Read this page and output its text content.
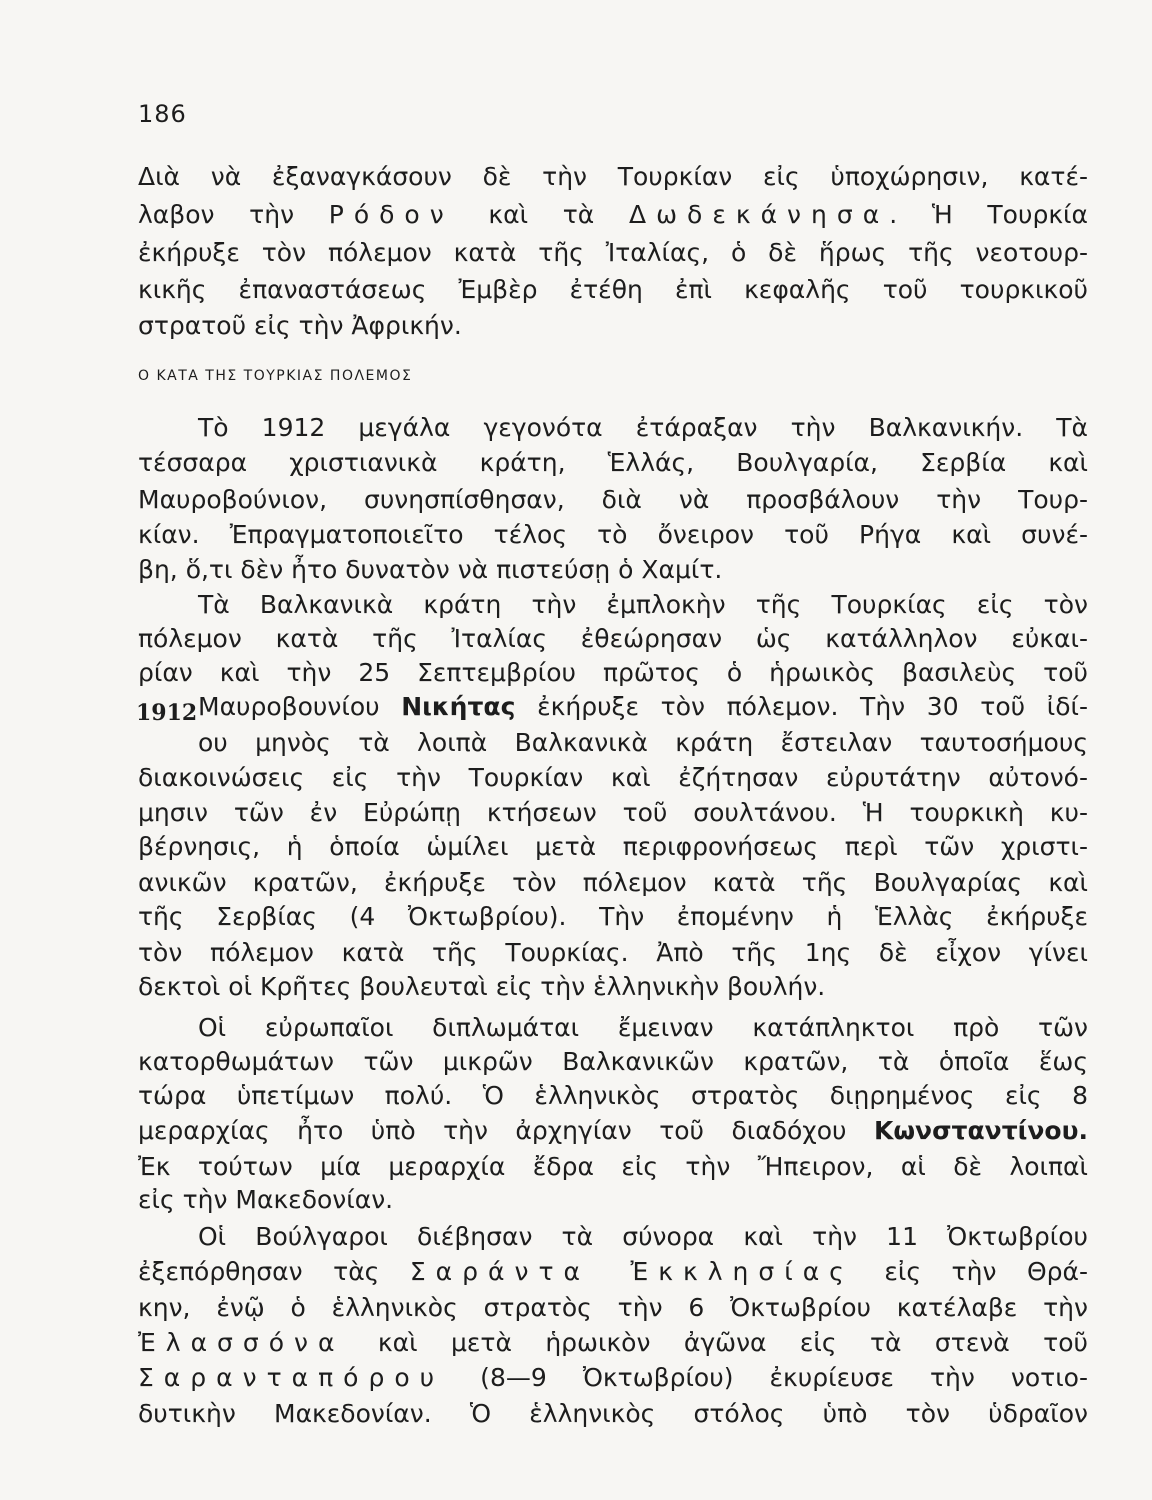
186
Διὰ νὰ ἐξαναγκάσουν δὲ τὴν Τουρκίαν εἰς ὑποχώρησιν, κατέ-
λαβον τὴν Ρόδον καὶ τὰ Δωδεκάνησα. Ἡ Τουρκία
ἐκήρυξε τὸν πόλεμον κατὰ τῆς Ἰταλίας, ὁ δὲ ἥρως τῆς νεοτουρ-
κικῆς ἐπαναστάσεως Ἐμβὲρ ἐτέθη ἐπὶ κεφαλῆς τοῦ τουρκικοῦ
στρατοῦ εἰς τὴν Ἀφρικήν.
Ο ΚΑΤΑ ΤΗΣ ΤΟΥΡΚΙΑΣ ΠΟΛΕΜΟΣ
Τὸ 1912 μεγάλα γεγονότα ἐτάραξαν τὴν Βαλκανικήν. Τὰ
τέσσαρα χριστιανικὰ κράτη, Ἑλλάς, Βουλγαρία, Σερβία καὶ
Μαυροβούνιον, συνησπίσθησαν, διὰ νὰ προσβάλουν τὴν Τουρ-
κίαν. Ἐπραγματοποιεῖτο τέλος τὸ ὄνειρον τοῦ Ρήγα καὶ συνέ-
βη, ὅ,τι δὲν ἦτο δυνατὸν νὰ πιστεύσῃ ὁ Χαμίτ.
Τὰ Βαλκανικὰ κράτη τὴν ἐμπλοκὴν τῆς Τουρκίας εἰς τὸν
πόλεμον κατὰ τῆς Ἰταλίας ἐθεώρησαν ὡς κατάλληλον εὐκαι-
ρίαν καὶ τὴν 25 Σεπτεμβρίου πρῶτος ὁ ἡρωικὸς βασιλεὺς τοῦ
1912 Μαυροβουνίου Νικήτας ἐκήρυξε τὸν πόλεμον. Τὴν 30 τοῦ ἰδί-
ου μηνὸς τὰ λοιπὰ Βαλκανικὰ κράτη ἔστειλαν ταυτοσήμους
διακοινώσεις εἰς τὴν Τουρκίαν καὶ ἐζήτησαν εὐρυτάτην αὐτονό-
μησιν τῶν ἐν Εὐρώπῃ κτήσεων τοῦ σουλτάνου. Ἡ τουρκικὴ κυ-
βέρνησις, ἡ ὁποία ὡμίλει μετὰ περιφρονήσεως περὶ τῶν χριστι-
ανικῶν κρατῶν, ἐκήρυξε τὸν πόλεμον κατὰ τῆς Βουλγαρίας καὶ
τῆς Σερβίας (4 Ὀκτωβρίου). Τὴν ἐπομένην ἡ Ἑλλὰς ἐκήρυξε
τὸν πόλεμον κατὰ τῆς Τουρκίας. Ἀπὸ τῆς 1ης δὲ εἶχον γίνει
δεκτοὶ οἱ Κρῆτες βουλευταὶ εἰς τὴν ἑλληνικὴν βουλήν.
Οἱ εὐρωπαῖοι διπλωμάται ἔμειναν κατάπληκτοι πρὸ τῶν
κατορθωμάτων τῶν μικρῶν Βαλκανικῶν κρατῶν, τὰ ὁποῖα ἕως
τώρα ὑπετίμων πολύ. Ὁ ἑλληνικὸς στρατὸς διῃρημένος εἰς 8
μεραρχίας ἦτο ὑπὸ τὴν ἀρχηγίαν τοῦ διαδόχου Κωνσταντίνου.
Ἐκ τούτων μία μεραρχία ἔδρα εἰς τὴν Ἤπειρον, αἱ δὲ λοιπαὶ
εἰς τὴν Μακεδονίαν.
Οἱ Βούλγαροι διέβησαν τὰ σύνορα καὶ τὴν 11 Ὀκτωβρίου
ἐξεπόρθησαν τὰς Σαράντα Ἐκκλησίας εἰς τὴν Θρά-
κην, ἐνῷ ὁ ἑλληνικὸς στρατὸς τὴν 6 Ὀκτωβρίου κατέλαβε τὴν
Ἐλασσόνα καὶ μετὰ ἡρωικὸν ἀγῶνα εἰς τὰ στενὰ τοῦ
Σαρανταπόρου (8—9 Ὀκτωβρίου) ἐκυρίευσε τὴν νοτιο-
δυτικὴν Μακεδονίαν. Ὁ ἑλληνικὸς στόλος ὑπὸ τὸν ὑδραῖον
